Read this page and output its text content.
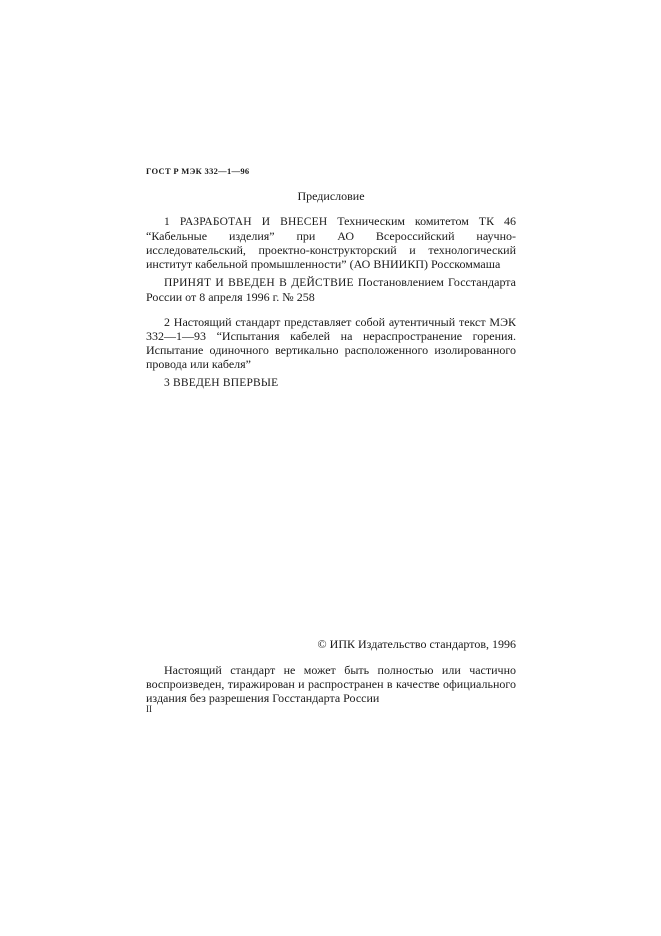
ГОСТ Р МЭК 332—1—96
Предисловие

1 РАЗРАБОТАН И ВНЕСЕН Техническим комитетом ТК 46 “Кабельные изделия” при АО Всероссийский научно-исследовательский, проектно-конструкторский и технологический институт кабельной промышленности” (АО ВНИИКП) Росскоммаша

ПРИНЯТ И ВВЕДЕН В ДЕЙСТВИЕ Постановлением Госстандарта России от 8 апреля 1996 г. № 258

2 Настоящий стандарт представляет собой аутентичный текст МЭК 332—1—93 “Испытания кабелей на нераспространение горения. Испытание одиночного вертикально расположенного изолированного провода или кабеля”

3 ВВЕДЕН ВПЕРВЫЕ

© ИПК Издательство стандартов, 1996

Настоящий стандарт не может быть полностью или частично воспроизведен, тиражирован и распространен в качестве официального издания без разрешения Госстандарта России

II
